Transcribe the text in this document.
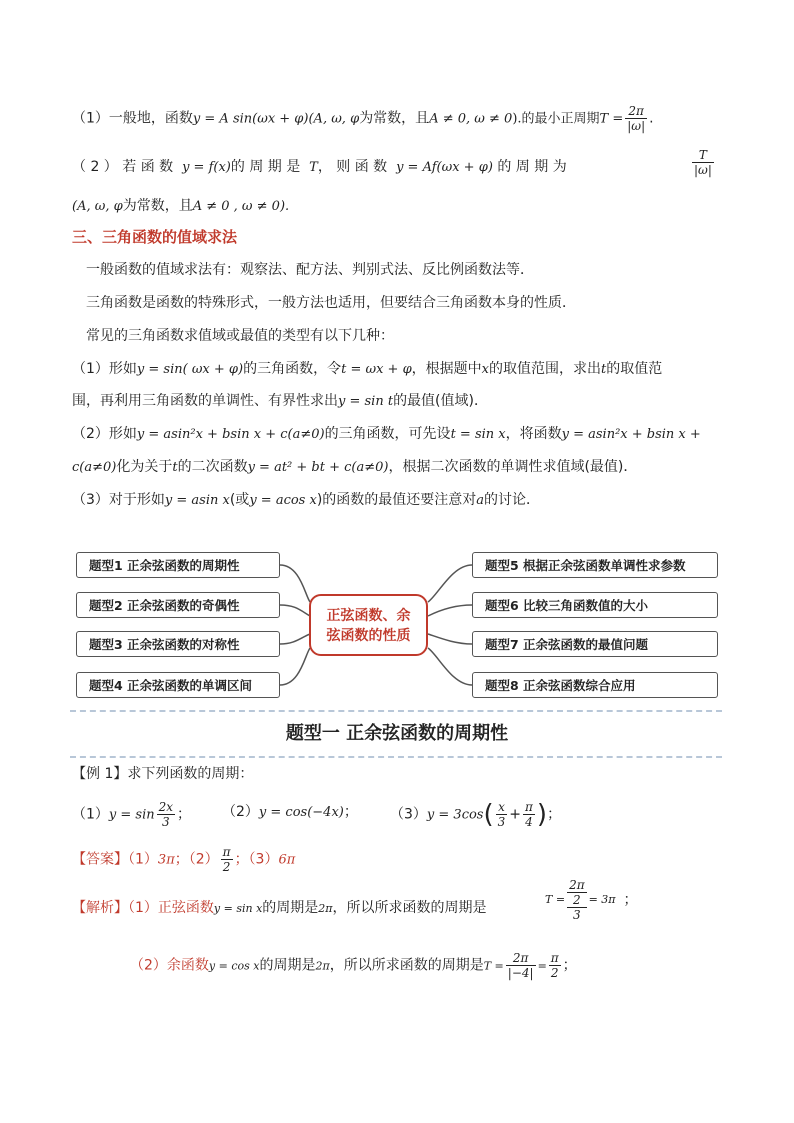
（1）一般地，函数y = A sin(ωx + φ)(A, ω, φ为常数，且A ≠ 0, ω ≠ 0).的最小正周期$T = \frac{2\pi}{|\omega|}$ .
（ 2 ） 若 函 数 y = f(x)的 周 期 是 T， 则 函 数 y = Af(ωx + φ) 的 周 期 为	$\frac{T}{|\omega|}$
(A, ω, φ为常数，且A ≠ 0 , ω ≠ 0).
三、三角函数的值域求法
一般函数的值域求法有：观察法、配方法、判别式法、反比例函数法等．
三角函数是函数的特殊形式，一般方法也适用，但要结合三角函数本身的性质．
常见的三角函数求值域或最值的类型有以下几种：
（1）形如y = sin( ωx + φ)的三角函数，令t = ωx + φ，根据题中x的取值范围，求出t的取值范
围，再利用三角函数的单调性、有界性求出y = sin t的最值(值域)．
（2）形如y = asin²x + bsin x + c(a≠0)的三角函数，可先设t = sin x，将函数y = asin²x + bsin x +
c(a≠0)化为关于t的二次函数y = at² + bt + c(a≠0)，根据二次函数的单调性求值域(最值)．
（3）对于形如y = asin x(或y = acos x)的函数的最值还要注意对a的讨论．
题型1 正余弦函数的周期性
题型2 正余弦函数的奇偶性
题型3 正余弦函数的对称性
题型4 正余弦函数的单调区间
正弦函数、余
弦函数的性质
题型5 根据正余弦函数单调性求参数
题型6 比较三角函数值的大小
题型7 正余弦函数的最值问题
题型8 正余弦函数综合应用
题型一 正余弦函数的周期性
【例 1】求下列函数的周期：
$(1)y = \sin \frac{2x}{3}$ ； （2）y = cos(−4x)； $(3)y = 3\cos( \frac{x}{3} + \frac{\pi}{4}$ )；
【答案】（1）3π；$(2) \frac{\pi}{2}$ ；（3）6π
【解析】（1）正弦函数y = sin x的周期是2π，所以所求函数的周期是
T =
2π
2
3
= 3π ；
（2）余函数y = cos x的周期是2π，所以所求函数的周期是$T = \frac{2\pi}{|-4|} = \frac{\pi}{2}$ ；
